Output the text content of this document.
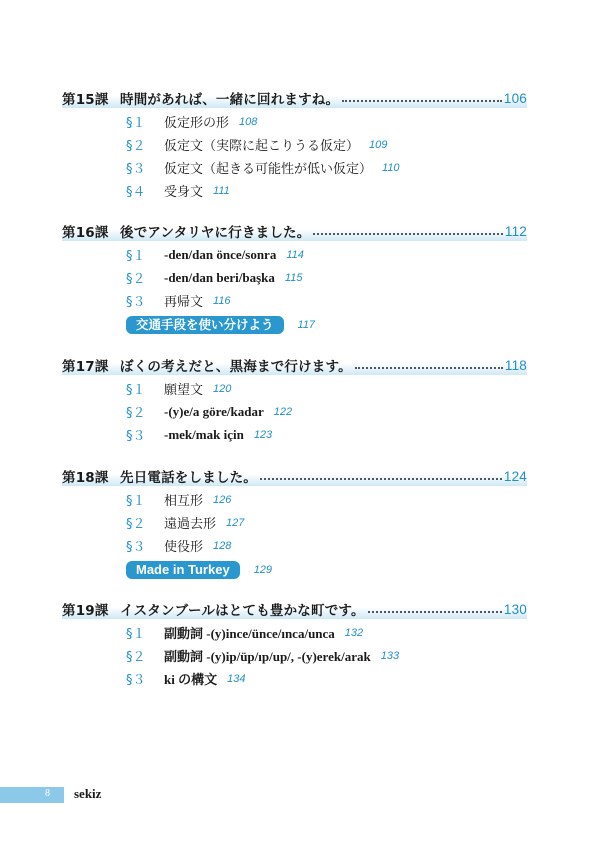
第15課 時間があれば、一緒に回れますね。	106
§１	仮定形の形 108
§２	仮定文（実際に起こりうる仮定） 109
§３	仮定文（起きる可能性が低い仮定） 110
§４	受身文 111
第16課 後でアンタリヤに行きました。	112
§１	-den/dan önce/sonra 114
§２	-den/dan beri/başka 115
§３	再帰文 116
交通手段を使い分けよう	117
第17課 ぼくの考えだと、黒海まで行けます。	118
§１	願望文 120
§２	-(y)e/a göre/kadar 122
§３	-mek/mak için 123
第18課 先日電話をしました。	124
§１	相互形 126
§２	遠過去形 127
§３	使役形 128
Made in Turkey	129
第19課 イスタンブールはとても豊かな町です。	130
§１	副動詞 -(y)ince/ünce/ınca/unca 132
§２	副動詞 -(y)ip/üp/ıp/up/, -(y)erek/arak 133
§３	ki の構文 134
8 sekiz
